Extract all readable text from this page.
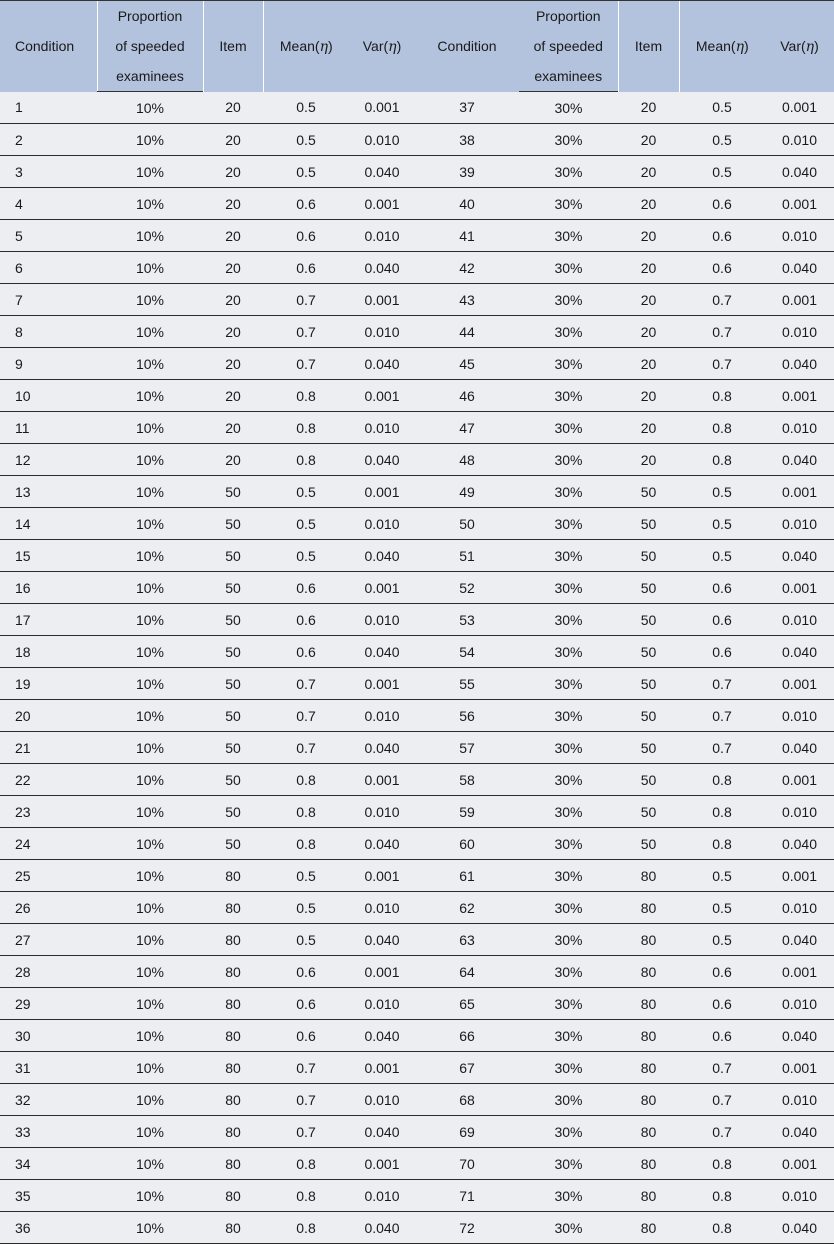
Condition	Proportion	Item	Mean(η)	Var(η)	Condition	Proportion	Item	Mean(η)	Var(η)
	of speeded					of speeded			
	examinees					examinees			
1	10%	20	0.5	0.001	37	30%	20	0.5	0.001
2	10%	20	0.5	0.010	38	30%	20	0.5	0.010
3	10%	20	0.5	0.040	39	30%	20	0.5	0.040
4	10%	20	0.6	0.001	40	30%	20	0.6	0.001
5	10%	20	0.6	0.010	41	30%	20	0.6	0.010
6	10%	20	0.6	0.040	42	30%	20	0.6	0.040
7	10%	20	0.7	0.001	43	30%	20	0.7	0.001
8	10%	20	0.7	0.010	44	30%	20	0.7	0.010
9	10%	20	0.7	0.040	45	30%	20	0.7	0.040
10	10%	20	0.8	0.001	46	30%	20	0.8	0.001
11	10%	20	0.8	0.010	47	30%	20	0.8	0.010
12	10%	20	0.8	0.040	48	30%	20	0.8	0.040
13	10%	50	0.5	0.001	49	30%	50	0.5	0.001
14	10%	50	0.5	0.010	50	30%	50	0.5	0.010
15	10%	50	0.5	0.040	51	30%	50	0.5	0.040
16	10%	50	0.6	0.001	52	30%	50	0.6	0.001
17	10%	50	0.6	0.010	53	30%	50	0.6	0.010
18	10%	50	0.6	0.040	54	30%	50	0.6	0.040
19	10%	50	0.7	0.001	55	30%	50	0.7	0.001
20	10%	50	0.7	0.010	56	30%	50	0.7	0.010
21	10%	50	0.7	0.040	57	30%	50	0.7	0.040
22	10%	50	0.8	0.001	58	30%	50	0.8	0.001
23	10%	50	0.8	0.010	59	30%	50	0.8	0.010
24	10%	50	0.8	0.040	60	30%	50	0.8	0.040
25	10%	80	0.5	0.001	61	30%	80	0.5	0.001
26	10%	80	0.5	0.010	62	30%	80	0.5	0.010
27	10%	80	0.5	0.040	63	30%	80	0.5	0.040
28	10%	80	0.6	0.001	64	30%	80	0.6	0.001
29	10%	80	0.6	0.010	65	30%	80	0.6	0.010
30	10%	80	0.6	0.040	66	30%	80	0.6	0.040
31	10%	80	0.7	0.001	67	30%	80	0.7	0.001
32	10%	80	0.7	0.010	68	30%	80	0.7	0.010
33	10%	80	0.7	0.040	69	30%	80	0.7	0.040
34	10%	80	0.8	0.001	70	30%	80	0.8	0.001
35	10%	80	0.8	0.010	71	30%	80	0.8	0.010
36	10%	80	0.8	0.040	72	30%	80	0.8	0.040
